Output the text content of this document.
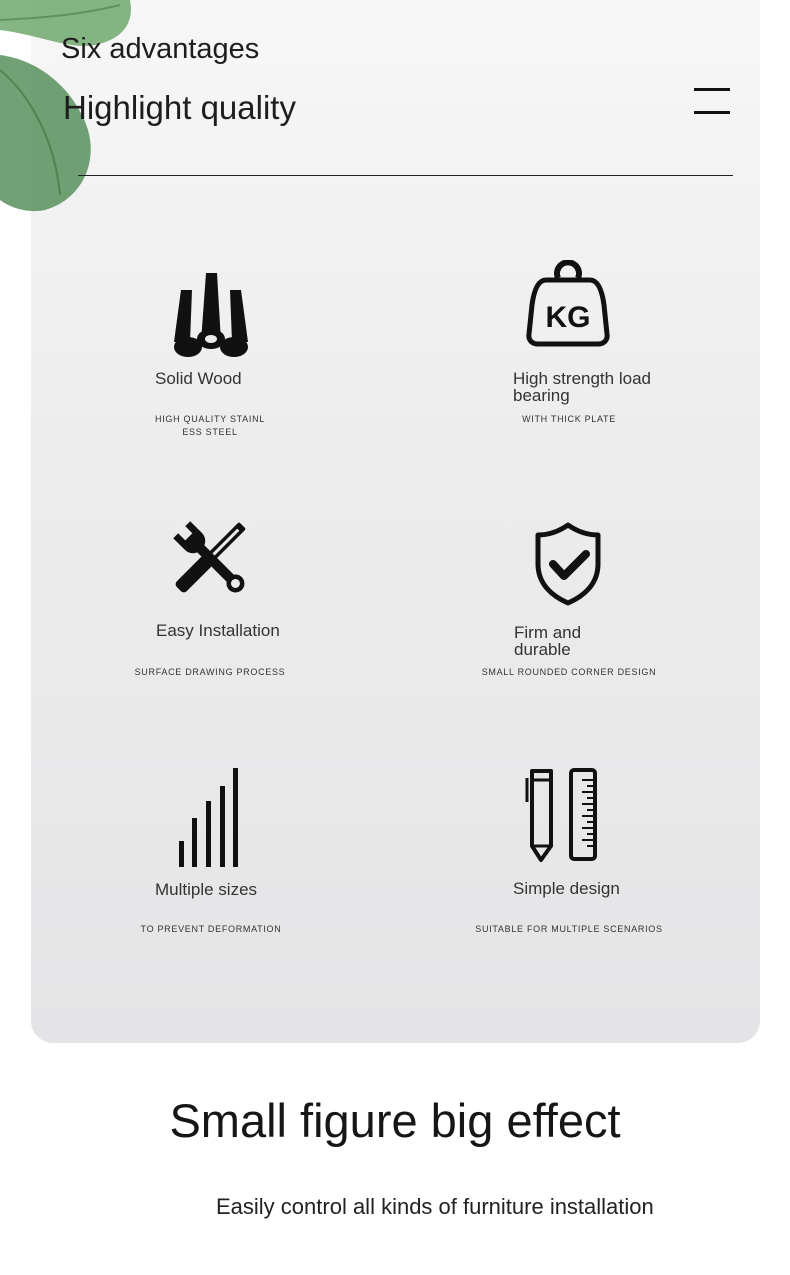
Six advantages
Highlight quality
Solid Wood
HIGH QUALITY STAINL
ESS STEEL
KG
High strength load
bearing
WITH THICK PLATE
Easy Installation
SURFACE DRAWING PROCESS
Firm and
durable
SMALL ROUNDED CORNER DESIGN
Multiple sizes
TO PREVENT DEFORMATION
Simple design
SUITABLE FOR MULTIPLE SCENARIOS
Small figure big effect
Easily control all kinds of furniture installation
